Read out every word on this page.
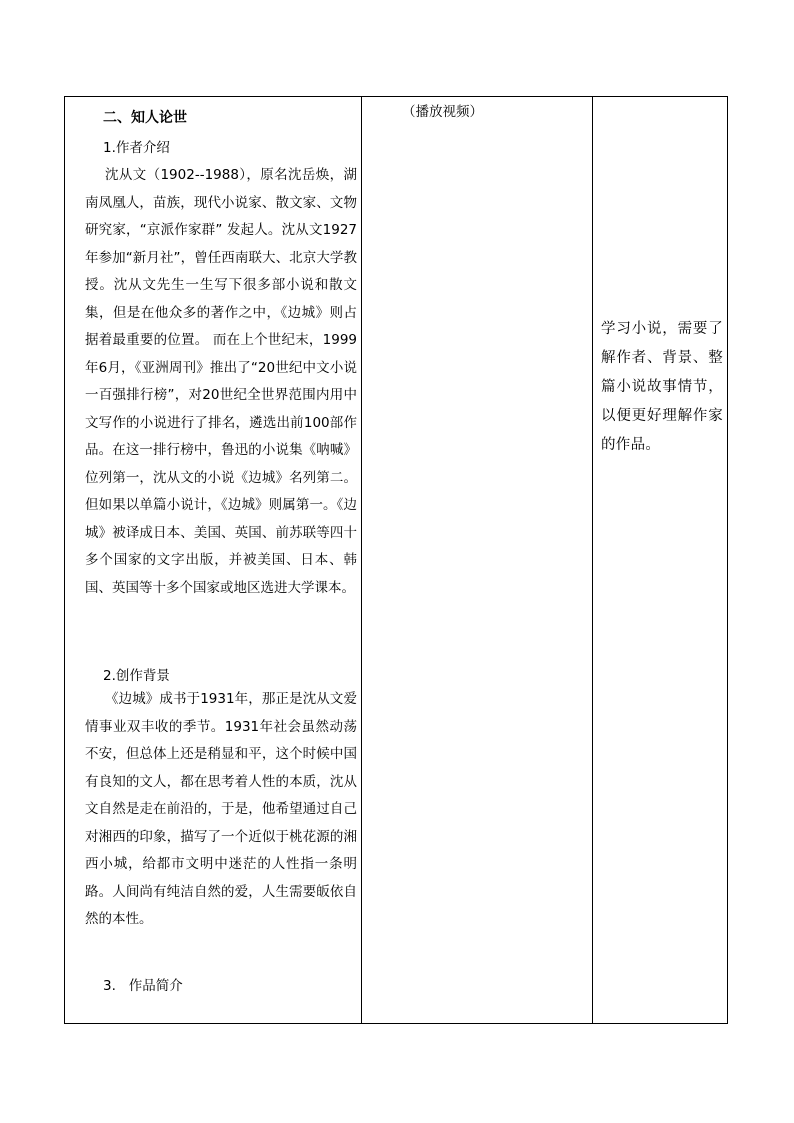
二、知人论世
1.作者介绍

沈从文（1902--1988），原名沈岳焕，湖南凤凰人，苗族，现代小说家、散文家、文物研究家，“京派作家群” 发起人。沈从文1927年参加“新月社”，曾任西南联大、北京大学教授。沈从文先生一生写下很多部小说和散文集，但是在他众多的著作之中，《边城》则占据着最重要的位置。 而在上个世纪末，1999年6月，《亚洲周刊》推出了“20世纪中文小说一百强排行榜”，对20世纪全世界范围内用中文写作的小说进行了排名，遴选出前100部作品。在这一排行榜中，鲁迅的小说集《呐喊》位列第一，沈从文的小说《边城》名列第二。但如果以单篇小说计，《边城》则属第一。《边城》被译成日本、美国、英国、前苏联等四十多个国家的文字出版，并被美国、日本、韩国、英国等十多个国家或地区选进大学课本。

2.创作背景

《边城》成书于1931年，那正是沈从文爱情事业双丰收的季节。1931年社会虽然动荡不安，但总体上还是稍显和平，这个时候中国有良知的文人，都在思考着人性的本质，沈从文自然是走在前沿的，于是，他希望通过自己对湘西的印象，描写了一个近似于桃花源的湘西小城，给都市文明中迷茫的人性指一条明路。人间尚有纯洁自然的爱，人生需要皈依自然的本性。

3.   作品简介
（播放视频）

学习小说，需要了解作者、背景、整篇小说故事情节，以便更好理解作家的作品。
